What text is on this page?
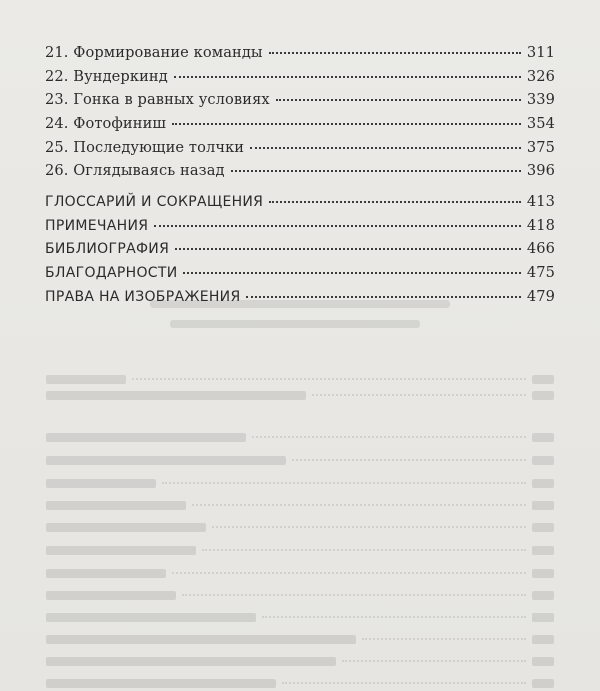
21. Формирование команды	311
22. Вундеркинд	326
23. Гонка в равных условиях	339
24. Фотофиниш	354
25. Последующие толчки	375
26. Оглядываясь назад	396
ГЛОССАРИЙ И СОКРАЩЕНИЯ	413
ПРИМЕЧАНИЯ	418
БИБЛИОГРАФИЯ	466
БЛАГОДАРНОСТИ	475
ПРАВА НА ИЗОБРАЖЕНИЯ	479
